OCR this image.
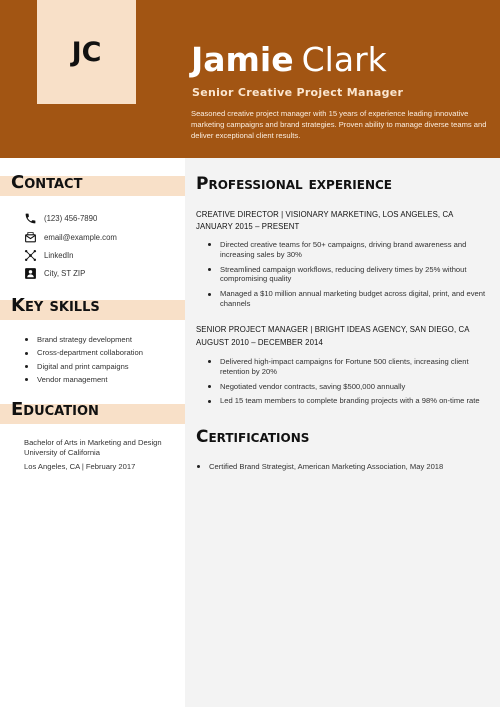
JC	Jamie Clark
Senior Creative Project Manager
Seasoned creative project manager with 15 years of experience leading innovative marketing campaigns and brand strategies. Proven ability to manage diverse teams and deliver exceptional client results.
Contact
(123) 456-7890
email@example.com
LinkedIn
City, ST ZIP
Key skills
Brand strategy development
Cross-department collaboration
Digital and print campaigns
Vendor management
Education
Bachelor of Arts in Marketing and Design
University of California
Los Angeles, CA | February 2017
Professional experience
CREATIVE DIRECTOR | VISIONARY MARKETING, LOS ANGELES, CA
JANUARY 2015 – PRESENT
Directed creative teams for 50+ campaigns, driving brand awareness and increasing sales by 30%
Streamlined campaign workflows, reducing delivery times by 25% without compromising quality
Managed a $10 million annual marketing budget across digital, print, and event channels
SENIOR PROJECT MANAGER | BRIGHT IDEAS AGENCY, SAN DIEGO, CA
AUGUST 2010 – DECEMBER 2014
Delivered high-impact campaigns for Fortune 500 clients, increasing client retention by 20%
Negotiated vendor contracts, saving $500,000 annually
Led 15 team members to complete branding projects with a 98% on-time rate
Certifications
Certified Brand Strategist, American Marketing Association, May 2018
